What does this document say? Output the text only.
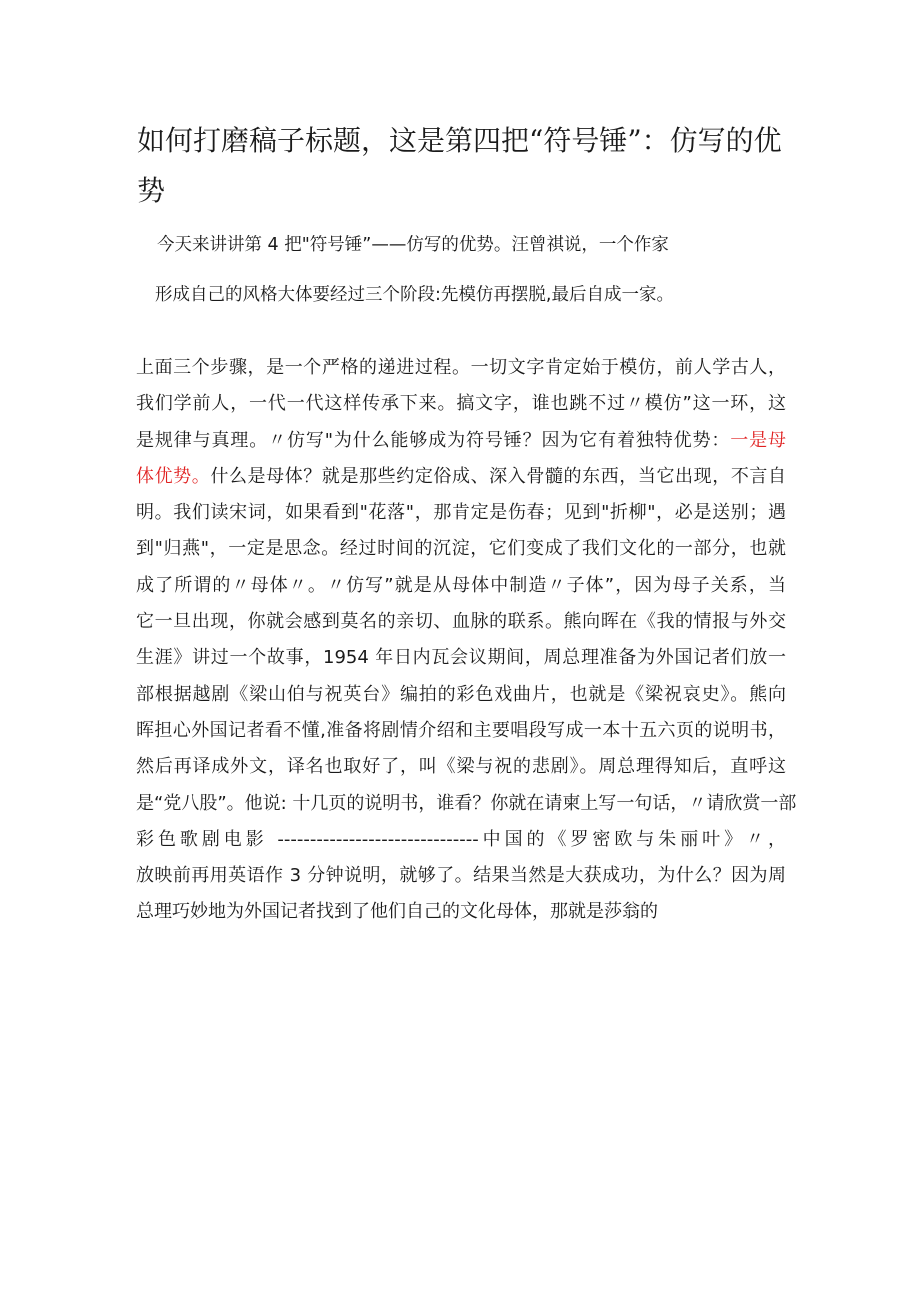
如何打磨稿子标题，这是第四把“符号锤”：仿写的优势

今天来讲讲第 4 把"符号锤”——仿写的优势。汪曾祺说，一个作家

形成自己的风格大体要经过三个阶段:先模仿再摆脱,最后自成一家。

上面三个步骤，是一个严格的递进过程。一切文字肯定始于模仿，前人学古人，
我们学前人，一代一代这样传承下来。搞文字，谁也跳不过〃模仿”这一环，这
是规律与真理。〃仿写"为什么能够成为符号锤？因为它有着独特优势：一是母
体优势。什么是母体？就是那些约定俗成、深入骨髓的东西，当它出现，不言自
明。我们读宋词，如果看到"花落"，那肯定是伤春；见到"折柳"，必是送别；遇
到"归燕"，一定是思念。经过时间的沉淀，它们变成了我们文化的一部分，也就
成了所谓的〃母体〃。〃仿写”就是从母体中制造〃子体”，因为母子关系，当
它一旦出现，你就会感到莫名的亲切、血脉的联系。熊向晖在《我的情报与外交
生涯》讲过一个故事，1954 年日内瓦会议期间，周总理准备为外国记者们放一
部根据越剧《梁山伯与祝英台》编拍的彩色戏曲片，也就是《梁祝哀史》。熊向
晖担心外国记者看不懂,准备将剧情介绍和主要唱段写成一本十五六页的说明书，
然后再译成外文，译名也取好了，叫《梁与祝的悲剧》。周总理得知后，直呼这
是“党八股”。他说: 十几页的说明书，谁看？你就在请柬上写一句话，〃请欣赏一部
彩色歌剧电影 -------------------------------中国的《罗密欧与朱丽叶》〃，
放映前再用英语作 3 分钟说明，就够了。结果当然是大获成功，为什么？因为周
总理巧妙地为外国记者找到了他们自己的文化母体，那就是莎翁的
